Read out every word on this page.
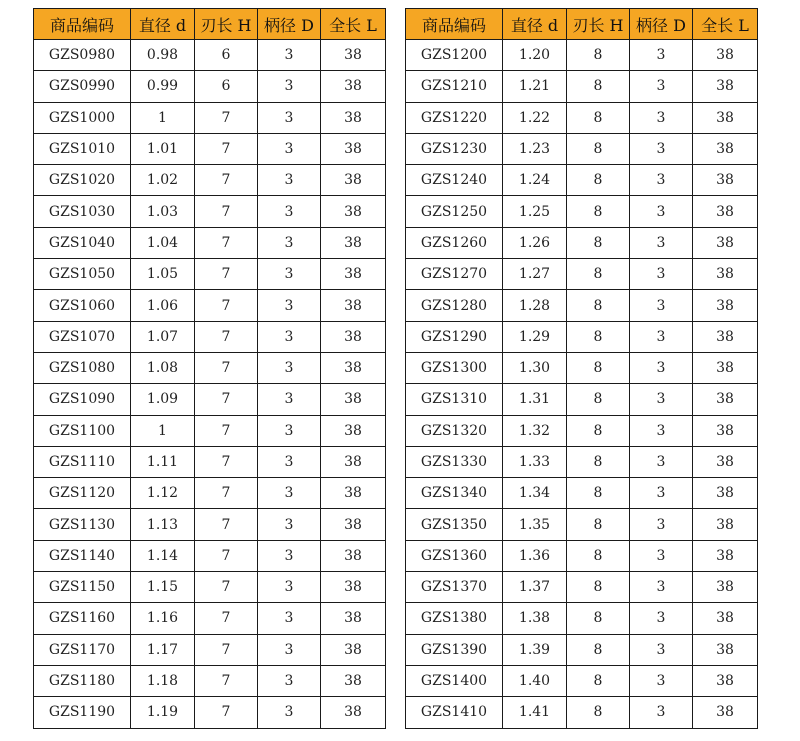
商品编码	直径 d	刃长 H	柄径 D	全长 L
GZS0980	0.98	6	3	38
GZS0990	0.99	6	3	38
GZS1000	1	7	3	38
GZS1010	1.01	7	3	38
GZS1020	1.02	7	3	38
GZS1030	1.03	7	3	38
GZS1040	1.04	7	3	38
GZS1050	1.05	7	3	38
GZS1060	1.06	7	3	38
GZS1070	1.07	7	3	38
GZS1080	1.08	7	3	38
GZS1090	1.09	7	3	38
GZS1100	1	7	3	38
GZS1110	1.11	7	3	38
GZS1120	1.12	7	3	38
GZS1130	1.13	7	3	38
GZS1140	1.14	7	3	38
GZS1150	1.15	7	3	38
GZS1160	1.16	7	3	38
GZS1170	1.17	7	3	38
GZS1180	1.18	7	3	38
GZS1190	1.19	7	3	38
商品编码	直径 d	刃长 H	柄径 D	全长 L
GZS1200	1.20	8	3	38
GZS1210	1.21	8	3	38
GZS1220	1.22	8	3	38
GZS1230	1.23	8	3	38
GZS1240	1.24	8	3	38
GZS1250	1.25	8	3	38
GZS1260	1.26	8	3	38
GZS1270	1.27	8	3	38
GZS1280	1.28	8	3	38
GZS1290	1.29	8	3	38
GZS1300	1.30	8	3	38
GZS1310	1.31	8	3	38
GZS1320	1.32	8	3	38
GZS1330	1.33	8	3	38
GZS1340	1.34	8	3	38
GZS1350	1.35	8	3	38
GZS1360	1.36	8	3	38
GZS1370	1.37	8	3	38
GZS1380	1.38	8	3	38
GZS1390	1.39	8	3	38
GZS1400	1.40	8	3	38
GZS1410	1.41	8	3	38
